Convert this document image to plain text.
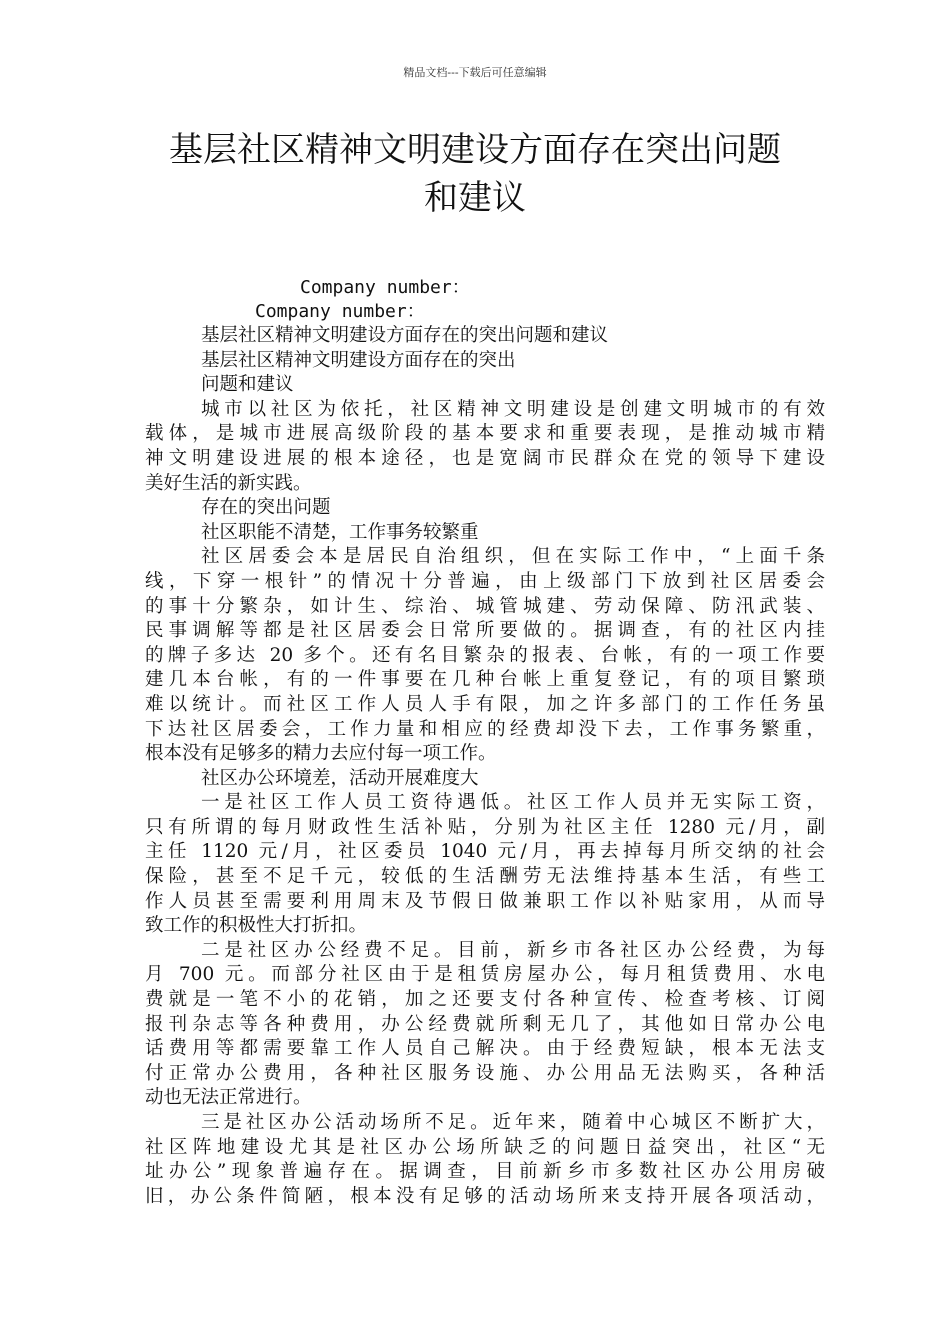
精品文档---下载后可任意编辑
基层社区精神文明建设方面存在突出问题
和建议
Company number：
Company number：

基层社区精神文明建设方面存在的突出问题和建议

基层社区精神文明建设方面存在的突出

问题和建议

城市以社区为依托，社区精神文明建设是创建文明城市的有效
载体，是城市进展高级阶段的基本要求和重要表现，是推动城市精
神文明建设进展的根本途径，也是宽阔市民群众在党的领导下建设
美好生活的新实践。

存在的突出问题

社区职能不清楚，工作事务较繁重

社区居委会本是居民自治组织，但在实际工作中，“上面千条
线，下穿一根针”的情况十分普遍，由上级部门下放到社区居委会
的事十分繁杂，如计生、综治、城管城建、劳动保障、防汛武装、
民事调解等都是社区居委会日常所要做的。据调查，有的社区内挂
的牌子多达 20 多个。还有名目繁杂的报表、台帐，有的一项工作要
建几本台帐，有的一件事要在几种台帐上重复登记，有的项目繁琐
难以统计。而社区工作人员人手有限，加之许多部门的工作任务虽
下达社区居委会，工作力量和相应的经费却没下去，工作事务繁重，
根本没有足够多的精力去应付每一项工作。

社区办公环境差，活动开展难度大

一是社区工作人员工资待遇低。社区工作人员并无实际工资，
只有所谓的每月财政性生活补贴，分别为社区主任 1280 元/月，副
主任 1120 元/月，社区委员 1040 元/月，再去掉每月所交纳的社会
保险，甚至不足千元，较低的生活酬劳无法维持基本生活，有些工
作人员甚至需要利用周末及节假日做兼职工作以补贴家用，从而导
致工作的积极性大打折扣。

二是社区办公经费不足。目前，新乡市各社区办公经费，为每
月 700 元。而部分社区由于是租赁房屋办公，每月租赁费用、水电
费就是一笔不小的花销，加之还要支付各种宣传、检查考核、订阅
报刊杂志等各种费用，办公经费就所剩无几了，其他如日常办公电
话费用等都需要靠工作人员自己解决。由于经费短缺，根本无法支
付正常办公费用，各种社区服务设施、办公用品无法购买，各种活
动也无法正常进行。

三是社区办公活动场所不足。近年来，随着中心城区不断扩大，
社区阵地建设尤其是社区办公场所缺乏的问题日益突出，社区“无
址办公”现象普遍存在。据调查，目前新乡市多数社区办公用房破
旧，办公条件简陋，根本没有足够的活动场所来支持开展各项活动，
